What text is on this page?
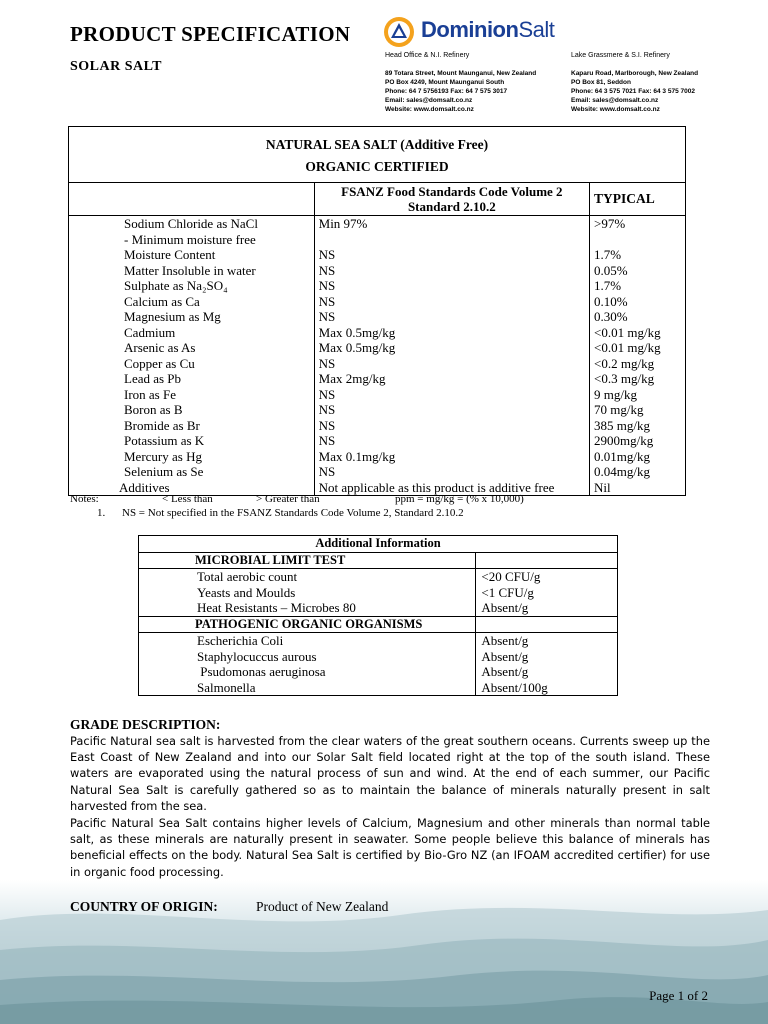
PRODUCT SPECIFICATION
SOLAR SALT
DominionSalt
Head Office & N.I. Refinery
89 Totara Street, Mount Maunganui, New Zealand
PO Box 4249, Mount Maunganui South
Phone: 64 7 5756193 Fax: 64 7 575 3017
Email: sales@domsalt.co.nz
Website: www.domsalt.co.nz
Lake Grassmere & S.I. Refinery
Kaparu Road, Marlborough, New Zealand
PO Box 81, Seddon
Phone: 64 3 575 7021 Fax: 64 3 575 7002
Email: sales@domsalt.co.nz
Website: www.domsalt.co.nz
NATURAL SEA SALT (Additive Free)
ORGANIC CERTIFIED		

	FSANZ Food Standards Code Volume 2
Standard 2.10.2	TYPICAL
Sodium Chloride as NaCl	Min 97%	>97%
- Minimum moisture free		
Moisture Content	NS	1.7%
Matter Insoluble in water	NS	0.05%
Sulphate as Na₂SO₄	NS	1.7%
Calcium as Ca	NS	0.10%
Magnesium as Mg	NS	0.30%
Cadmium	Max 0.5mg/kg	<0.01 mg/kg
Arsenic as As	Max 0.5mg/kg	<0.01 mg/kg
Copper as Cu	NS	<0.2 mg/kg
Lead as Pb	Max 2mg/kg	<0.3 mg/kg
Iron as Fe	NS	9 mg/kg
Boron as B	NS	70 mg/kg
Bromide as Br	NS	385 mg/kg
Potassium as K	NS	2900mg/kg
Mercury as Hg	Max 0.1mg/kg	0.01mg/kg
Selenium as Se	NS	0.04mg/kg
Additives	Not applicable as this product is additive free	Nil
Notes:	< Less than	> Greater than	ppm = mg/kg = (% x 10,000)
1. NS = Not specified in the FSANZ Standards Code Volume 2, Standard 2.10.2
Additional Information	
MICROBIAL LIMIT TEST	
Total aerobic count	<20 CFU/g
Yeasts and Moulds	<1 CFU/g
Heat Resistants – Microbes 80	Absent/g
PATHOGENIC ORGANIC ORGANISMS	
Escherichia Coli	Absent/g
Staphylocuccus aurous	Absent/g
Psudomonas aeruginosa	Absent/g
Salmonella	Absent/100g
GRADE DESCRIPTION:
Pacific Natural sea salt is harvested from the clear waters of the great southern oceans. Currents sweep up the East Coast of New Zealand and into our Solar Salt field located right at the top of the south island. These waters are evaporated using the natural process of sun and wind. At the end of each summer, our Pacific Natural Sea Salt is carefully gathered so as to maintain the balance of minerals naturally present in salt harvested from the sea.
Pacific Natural Sea Salt contains higher levels of Calcium, Magnesium and other minerals than normal table salt, as these minerals are naturally present in seawater. Some people believe this balance of minerals has beneficial effects on the body. Natural Sea Salt is certified by Bio-Gro NZ (an IFOAM accredited certifier) for use in organic food processing.
COUNTRY OF ORIGIN:	Product of New Zealand
Page 1 of 2
